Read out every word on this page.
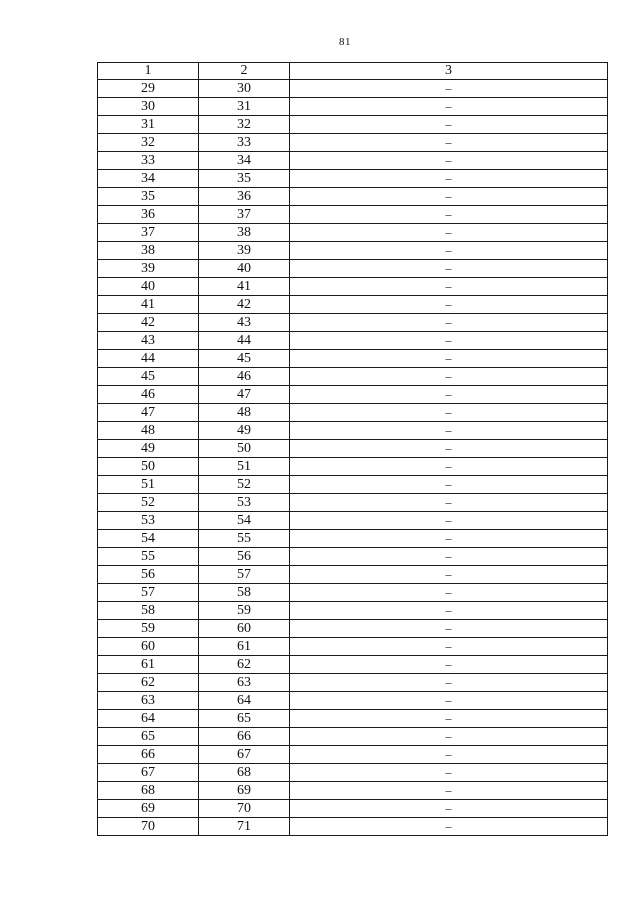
81
1	2	3
29	30	–
30	31	–
31	32	–
32	33	–
33	34	–
34	35	–
35	36	–
36	37	–
37	38	–
38	39	–
39	40	–
40	41	–
41	42	–
42	43	–
43	44	–
44	45	–
45	46	–
46	47	–
47	48	–
48	49	–
49	50	–
50	51	–
51	52	–
52	53	–
53	54	–
54	55	–
55	56	–
56	57	–
57	58	–
58	59	–
59	60	–
60	61	–
61	62	–
62	63	–
63	64	–
64	65	–
65	66	–
66	67	–
67	68	–
68	69	–
69	70	–
70	71	–
